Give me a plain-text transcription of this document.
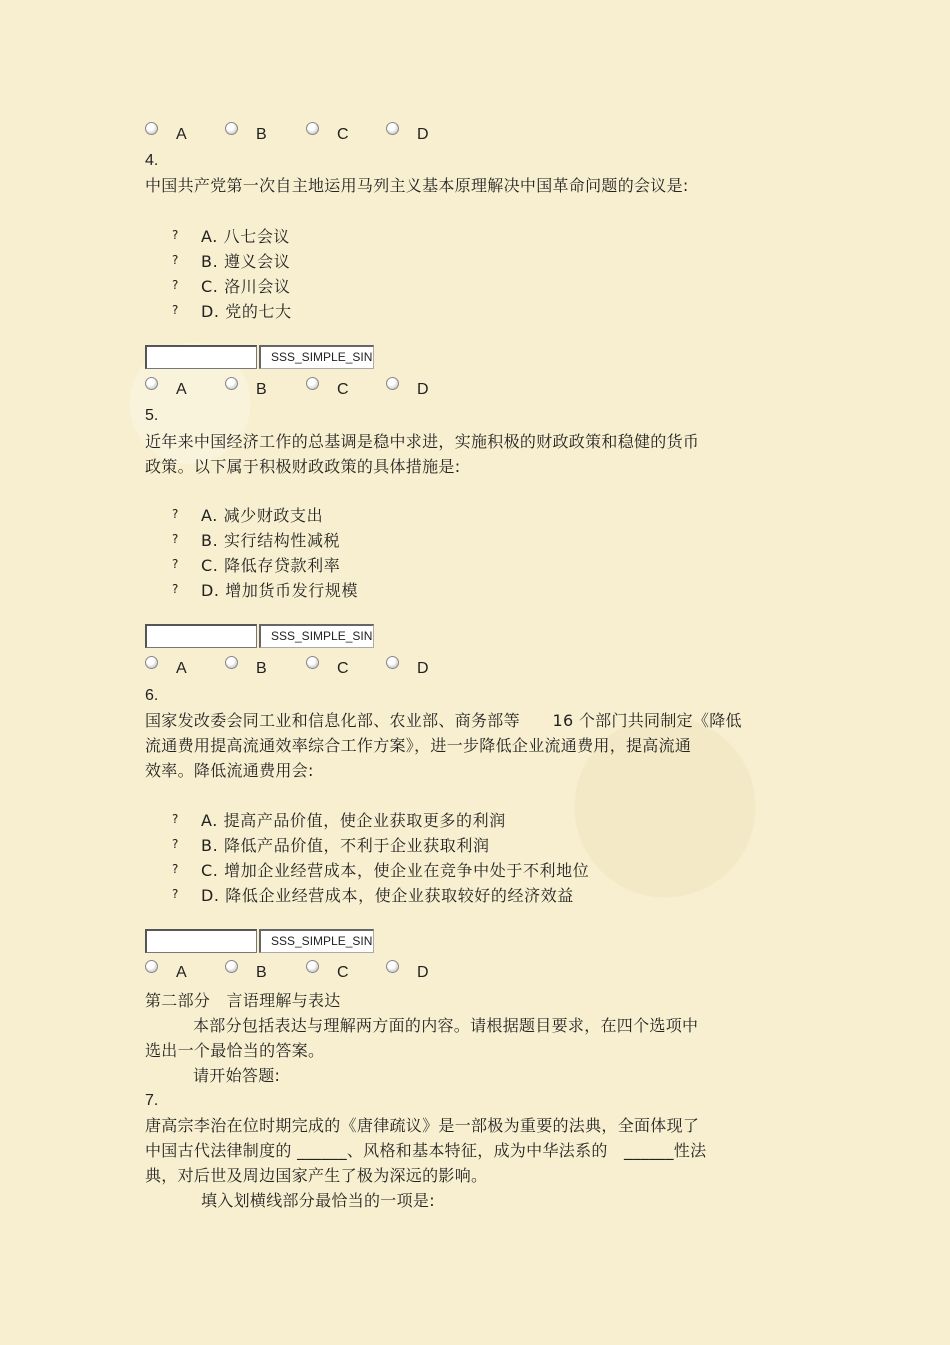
A	B	C	D
4.
中国共产党第一次自主地运用马列主义基本原理解决中国革命问题的会议是:
? A. 八七会议
? B. 遵义会议
? C. 洛川会议
? D. 党的七大
SSS_SIMPLE_SIN
A	B	C	D
5.
近年来中国经济工作的总基调是稳中求进，实施积极的财政政策和稳健的货币
政策。以下属于积极财政政策的具体措施是:
? A. 减少财政支出
? B. 实行结构性减税
? C. 降低存贷款利率
? D. 增加货币发行规模
SSS_SIMPLE_SIN
A	B	C	D
6.
国家发改委会同工业和信息化部、农业部、商务部等　　16 个部门共同制定《降低
流通费用提高流通效率综合工作方案》，进一步降低企业流通费用，提高流通
效率。降低流通费用会:
? A. 提高产品价值，使企业获取更多的利润
? B. 降低产品价值，不利于企业获取利润
? C. 增加企业经营成本，使企业在竞争中处于不利地位
? D. 降低企业经营成本，使企业获取较好的经济效益
SSS_SIMPLE_SIN
A	B	C	D
第二部分　言语理解与表达
本部分包括表达与理解两方面的内容。请根据题目要求，在四个选项中
选出一个最恰当的答案。
请开始答题:
7.
唐高宗李治在位时期完成的《唐律疏议》是一部极为重要的法典，全面体现了
中国古代法律制度的 ______、风格和基本特征，成为中华法系的　______性法
典，对后世及周边国家产生了极为深远的影响。
填入划横线部分最恰当的一项是:
